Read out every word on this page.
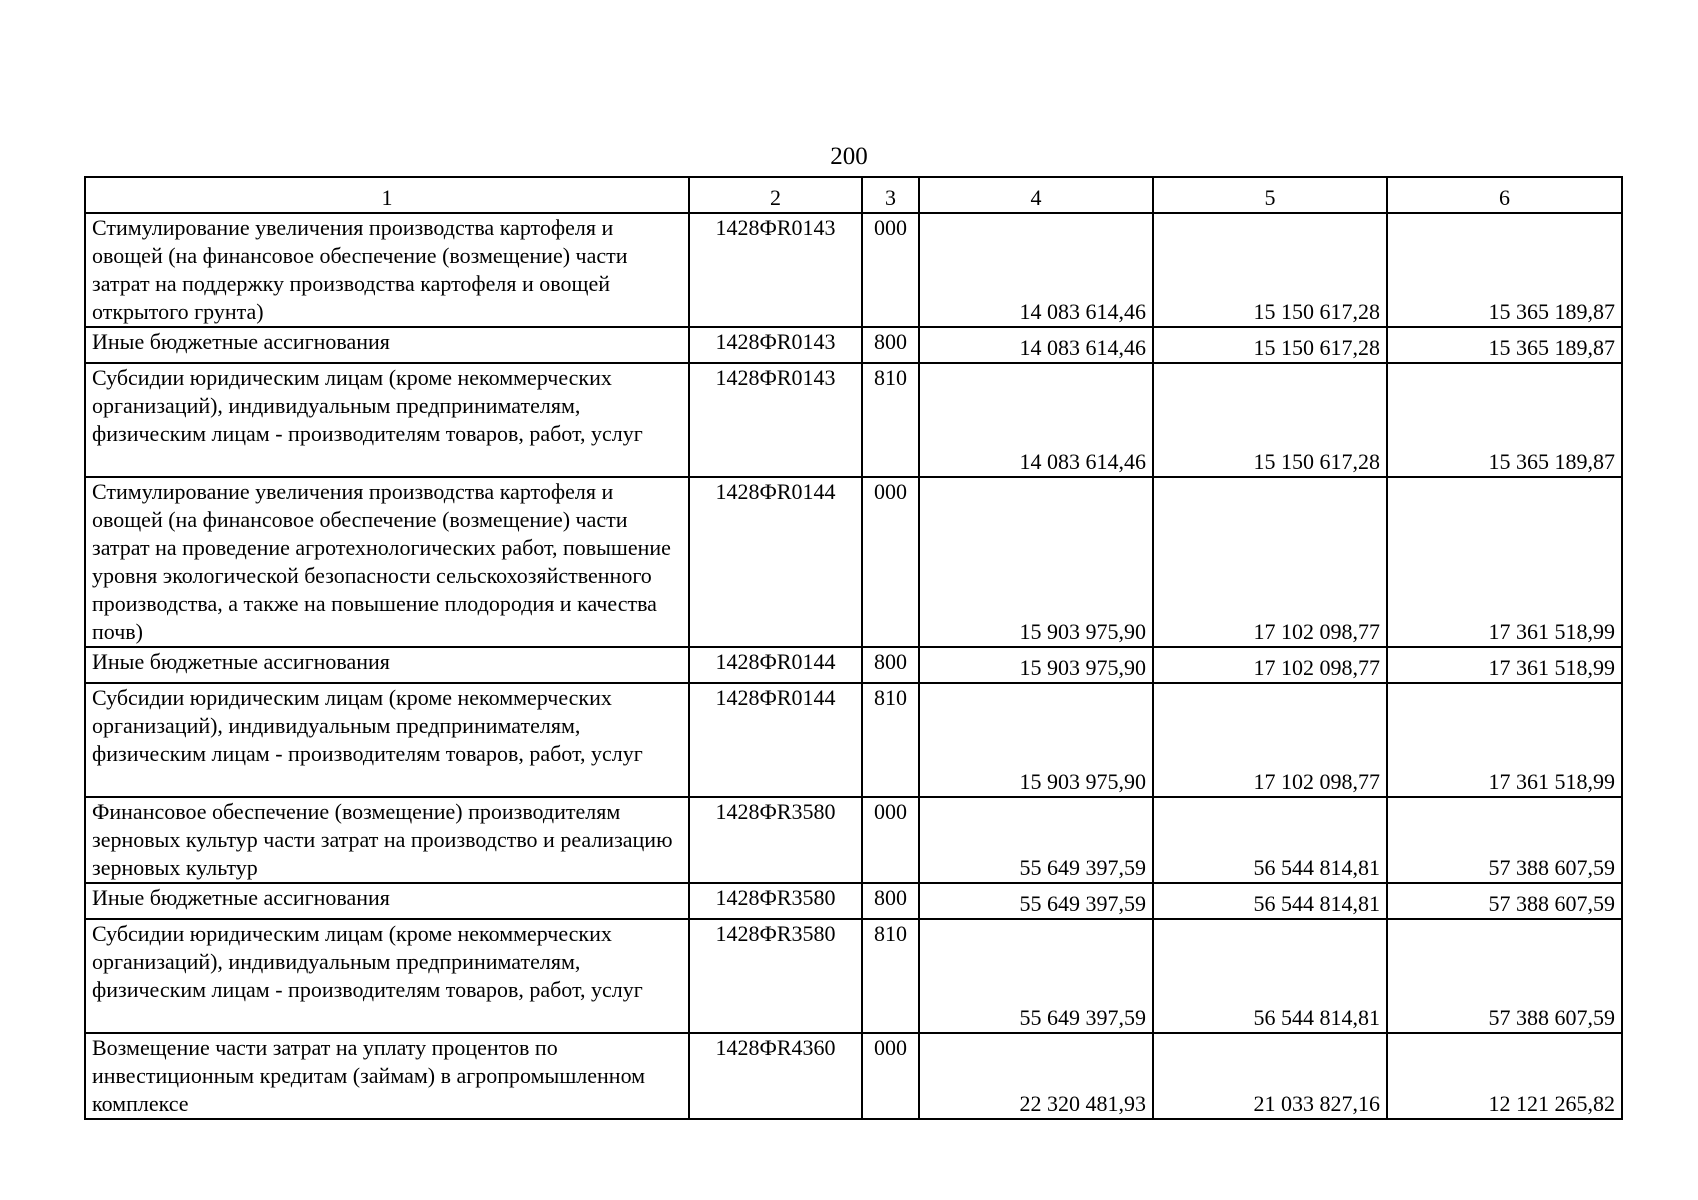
200
1	2	3	4	5	6
Стимулирование увеличения производства картофеля и овощей (на финансовое обеспечение (возмещение) части затрат на поддержку производства картофеля и овощей открытого грунта)	1428ФR0143	000	14 083 614,46	15 150 617,28	15 365 189,87
Иные бюджетные ассигнования	1428ФR0143	800	14 083 614,46	15 150 617,28	15 365 189,87
Субсидии юридическим лицам (кроме некоммерческих организаций), индивидуальным предпринимателям, физическим лицам - производителям товаров, работ, услуг	1428ФR0143	810	14 083 614,46	15 150 617,28	15 365 189,87
Стимулирование увеличения производства картофеля и овощей (на финансовое обеспечение (возмещение) части затрат на проведение агротехнологических работ, повышение уровня экологической безопасности сельскохозяйственного производства, а также на повышение плодородия и качества почв)	1428ФR0144	000	15 903 975,90	17 102 098,77	17 361 518,99
Иные бюджетные ассигнования	1428ФR0144	800	15 903 975,90	17 102 098,77	17 361 518,99
Субсидии юридическим лицам (кроме некоммерческих организаций), индивидуальным предпринимателям, физическим лицам - производителям товаров, работ, услуг	1428ФR0144	810	15 903 975,90	17 102 098,77	17 361 518,99
Финансовое обеспечение (возмещение) производителям зерновых культур части затрат на производство и реализацию зерновых культур	1428ФR3580	000	55 649 397,59	56 544 814,81	57 388 607,59
Иные бюджетные ассигнования	1428ФR3580	800	55 649 397,59	56 544 814,81	57 388 607,59
Субсидии юридическим лицам (кроме некоммерческих организаций), индивидуальным предпринимателям, физическим лицам - производителям товаров, работ, услуг	1428ФR3580	810	55 649 397,59	56 544 814,81	57 388 607,59
Возмещение части затрат на уплату процентов по инвестиционным кредитам (займам) в агропромышленном комплексе	1428ФR4360	000	22 320 481,93	21 033 827,16	12 121 265,82
